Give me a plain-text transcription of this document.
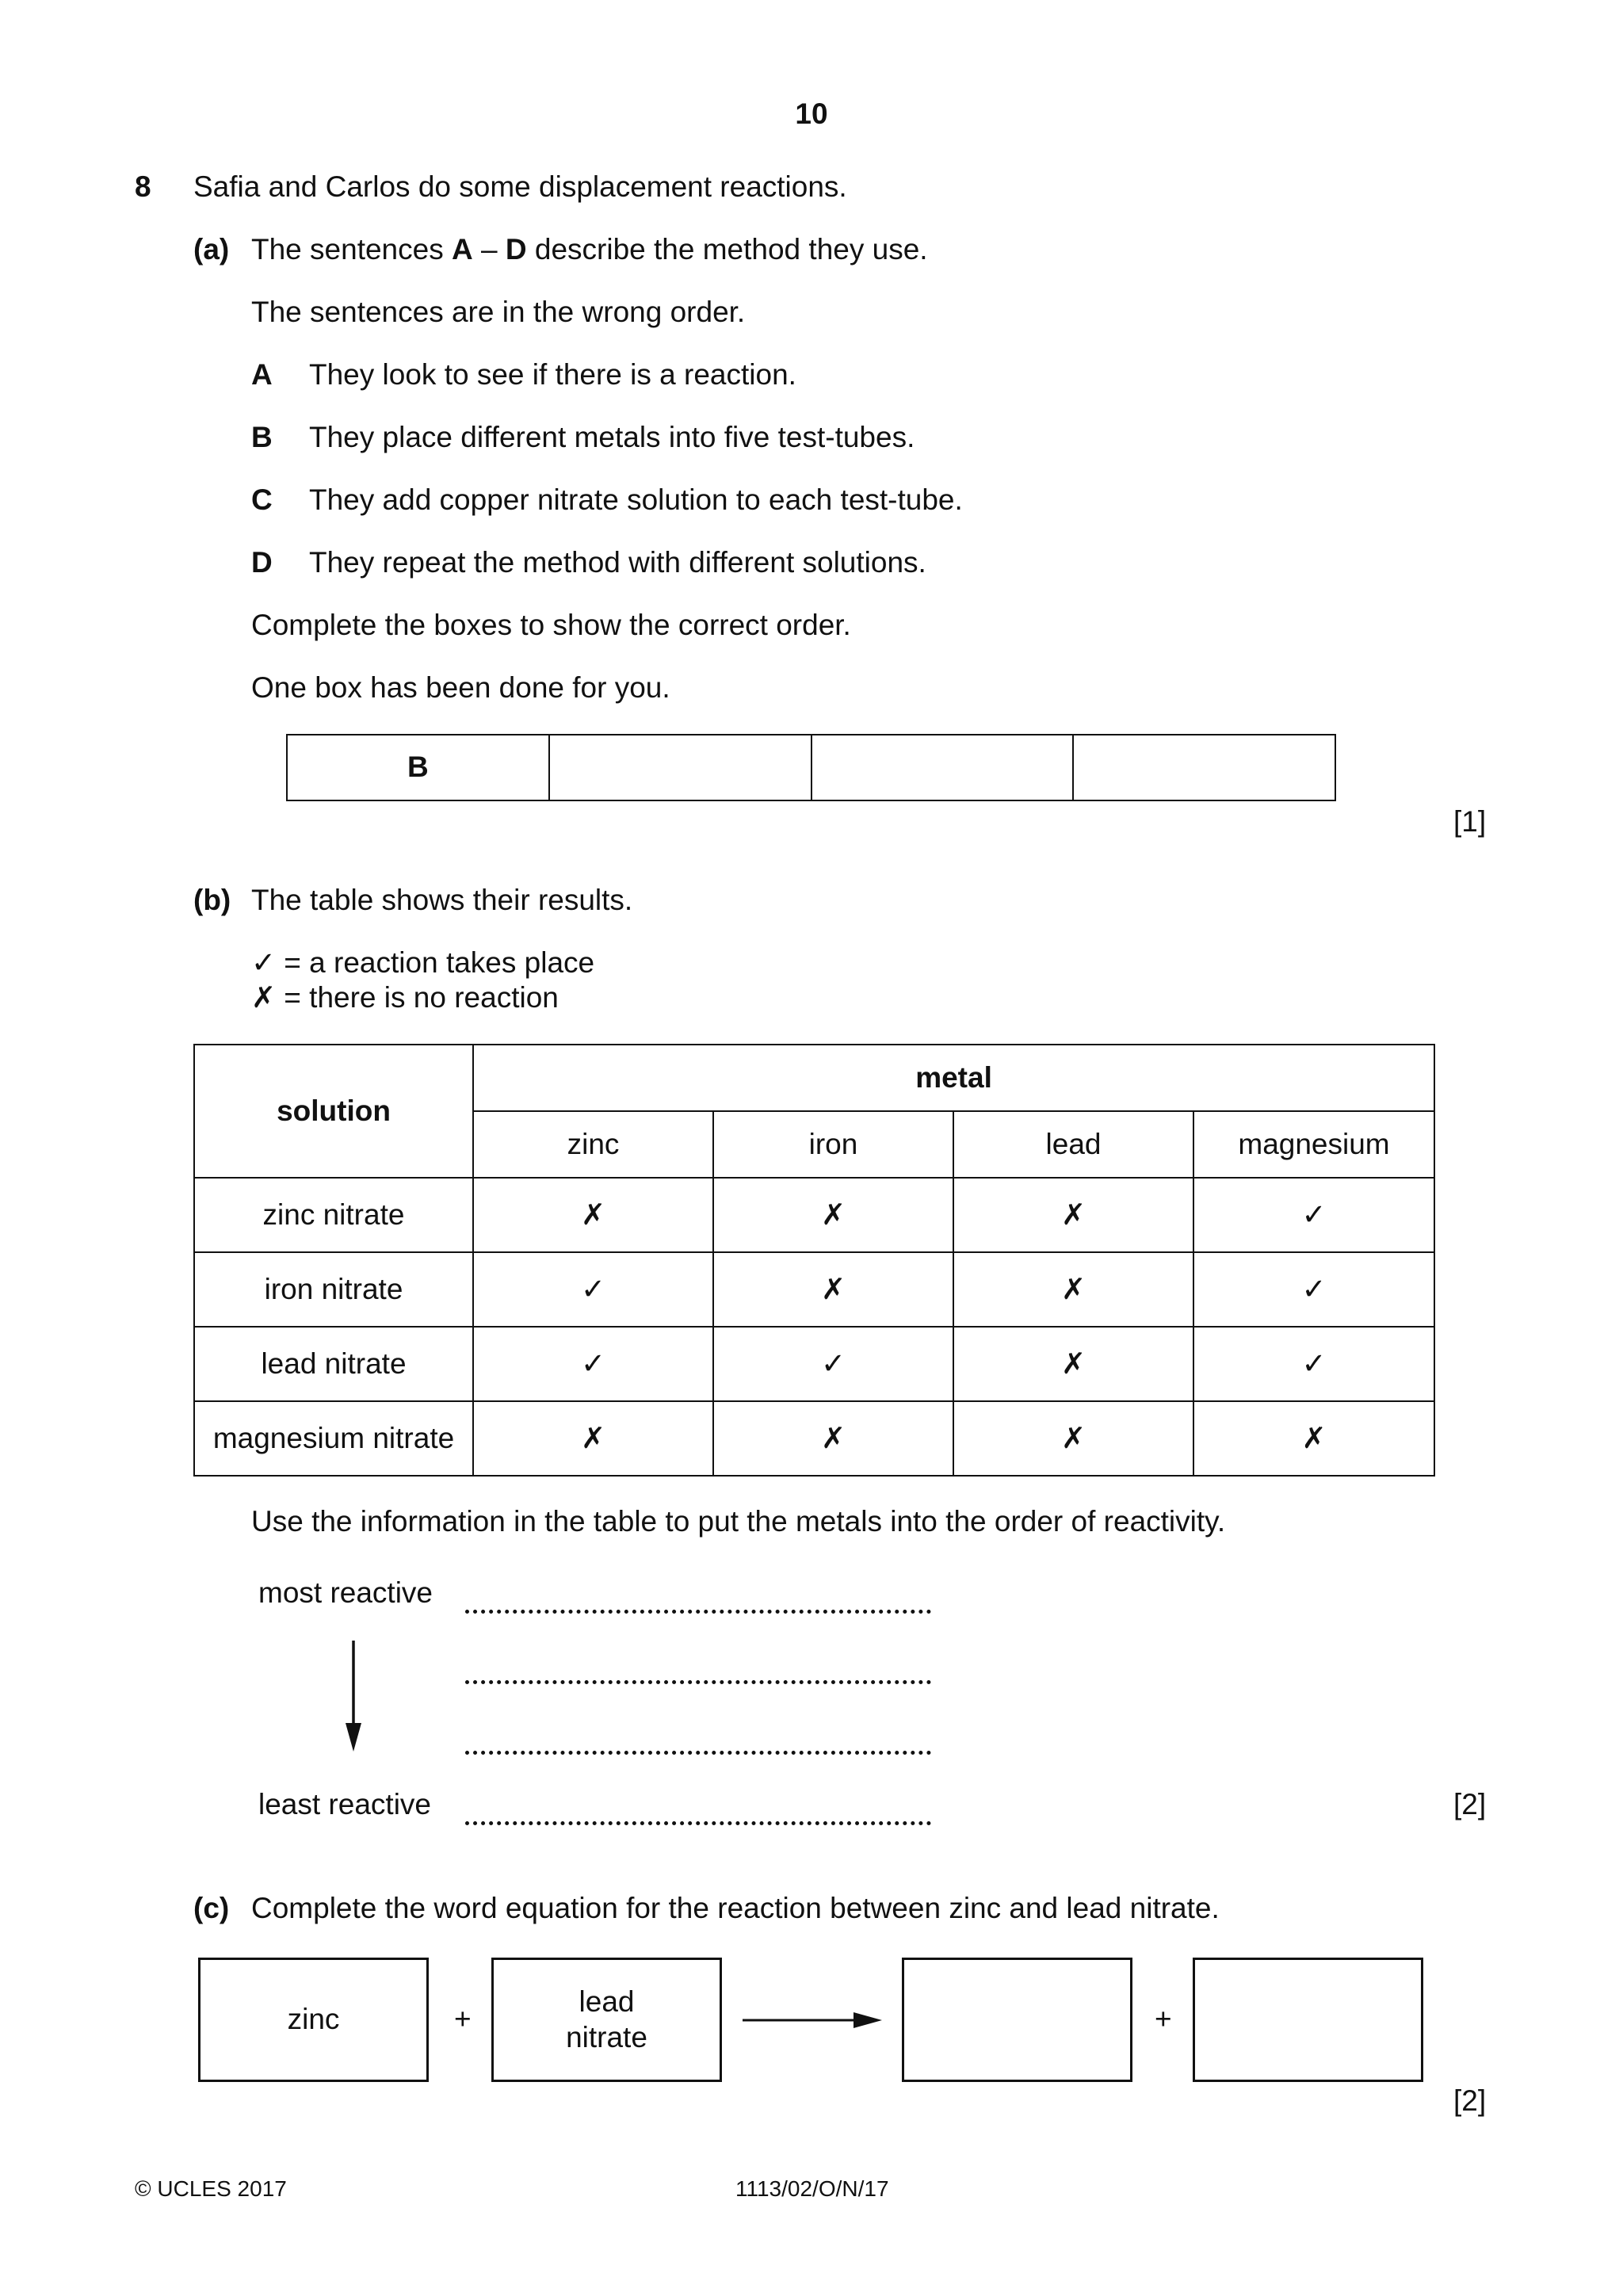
10
8 Safia and Carlos do some displacement reactions.
(a) The sentences A – D describe the method they use.
The sentences are in the wrong order.
A They look to see if there is a reaction.
B They place different metals into five test-tubes.
C They add copper nitrate solution to each test-tube.
D They repeat the method with different solutions.
Complete the boxes to show the correct order.
One box has been done for you.
B
[1]
(b) The table shows their results.
✓ = a reaction takes place
✗ = there is no reaction
solution	metal			
	zinc	iron	lead	magnesium
zinc nitrate	✗	✗	✗	✓
iron nitrate	✓	✗	✗	✓
lead nitrate	✓	✓	✗	✓
magnesium nitrate	✗	✗	✗	✗
Use the information in the table to put the metals into the order of reactivity.
most reactive
least reactive	[2]
(c) Complete the word equation for the reaction between zinc and lead nitrate.
zinc	+
lead
nitrate
+
[2]
© UCLES 2017	1113/02/O/N/17
